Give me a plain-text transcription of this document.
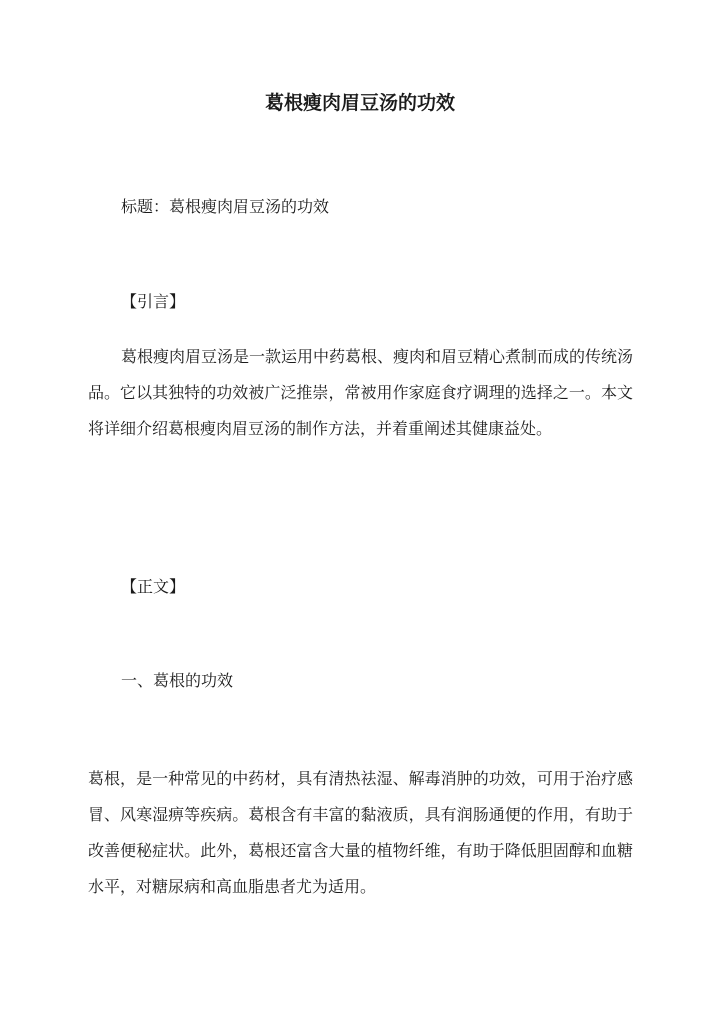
葛根瘦肉眉豆汤的功效

标题：葛根瘦肉眉豆汤的功效

【引言】

葛根瘦肉眉豆汤是一款运用中药葛根、瘦肉和眉豆精心煮制而成的传统汤品。它以其独特的功效被广泛推崇，常被用作家庭食疗调理的选择之一。本文将详细介绍葛根瘦肉眉豆汤的制作方法，并着重阐述其健康益处。

【正文】

一、葛根的功效

葛根，是一种常见的中药材，具有清热祛湿、解毒消肿的功效，可用于治疗感冒、风寒湿痹等疾病。葛根含有丰富的黏液质，具有润肠通便的作用，有助于改善便秘症状。此外，葛根还富含大量的植物纤维，有助于降低胆固醇和血糖水平，对糖尿病和高血脂患者尤为适用。
